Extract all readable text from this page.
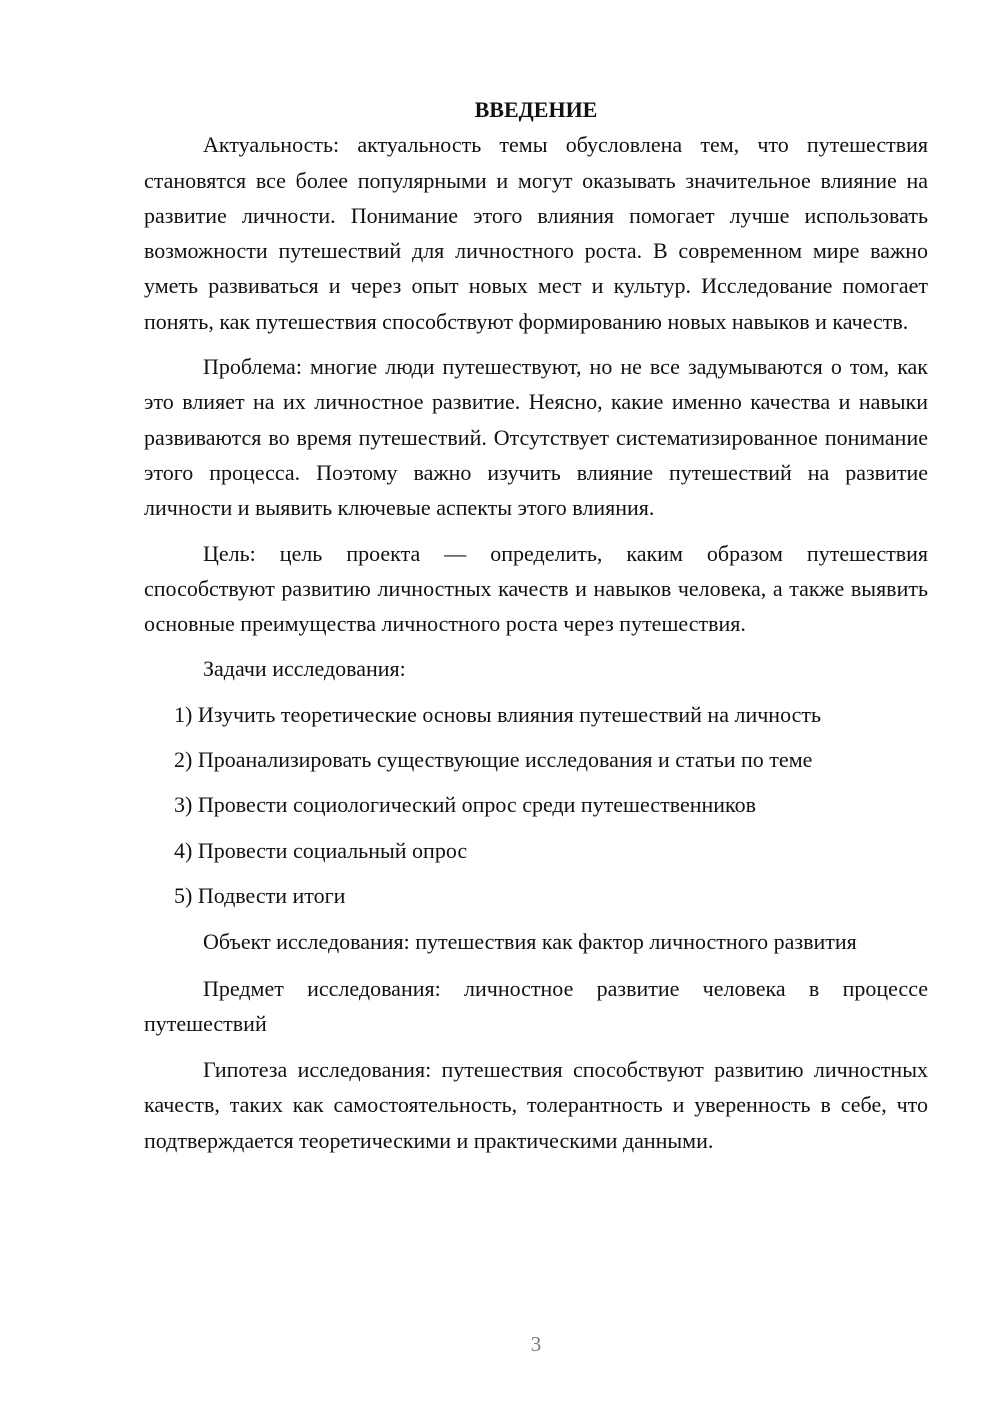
ВВЕДЕНИЕ

Актуальность: актуальность темы обусловлена тем, что путешествия становятся все более популярными и могут оказывать значительное влияние на развитие личности. Понимание этого влияния помогает лучше использовать возможности путешествий для личностного роста. В современном мире важно уметь развиваться и через опыт новых мест и культур. Исследование помогает понять, как путешествия способствуют формированию новых навыков и качеств.

Проблема: многие люди путешествуют, но не все задумываются о том, как это влияет на их личностное развитие. Неясно, какие именно качества и навыки развиваются во время путешествий. Отсутствует систематизированное понимание этого процесса. Поэтому важно изучить влияние путешествий на развитие личности и выявить ключевые аспекты этого влияния.

Цель: цель проекта — определить, каким образом путешествия способствуют развитию личностных качеств и навыков человека, а также выявить основные преимущества личностного роста через путешествия.

Задачи исследования:

1) Изучить теоретические основы влияния путешествий на личность
2) Проанализировать существующие исследования и статьи по теме
3) Провести социологический опрос среди путешественников
4) Провести социальный опрос
5) Подвести итоги

Объект исследования: путешествия как фактор личностного развития

Предмет исследования: личностное развитие человека в процессе путешествий

Гипотеза исследования: путешествия способствуют развитию личностных качеств, таких как самостоятельность, толерантность и уверенность в себе, что подтверждается теоретическими и практическими данными.

3
